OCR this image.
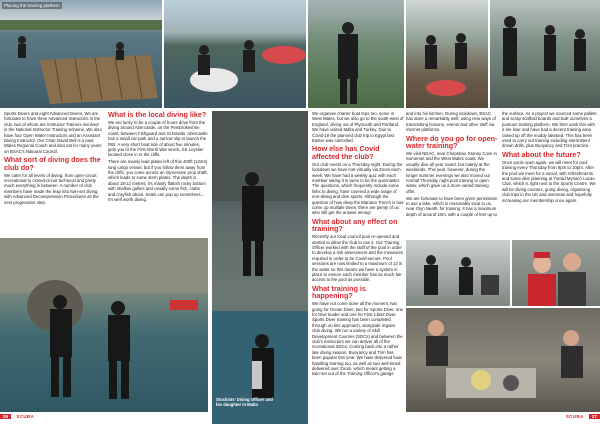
Placing the training platform

Sports Divers and eight Advanced Divers. We are fortunate to have three Advanced Instructors in the club, two of whom are Instructor Trainers involved in the National Instructor Training Scheme. We also have four Open Water Instructors and an Assistant Diving Instructor. Our Chair David Bell is a past Wales Regional Coach and also sat for many years on BSAC's National Council.

What sort of diving does the club do?

We cater for all levels of diving, from open-circuit recreational to closed-circuit technical and pretty much everything in between. A number of club members have made the leap into twin-set diving, with Advanced Decompression Procedures as the next progressive step.

What is the local diving like?

We are lucky to be a couple of hours drive from the diving around Abercastle, on the Pembrokeshire coast, between Fishguard and St Davids. Abercastle has a small car park and a narrow slip to launch the RIB. A very short boat ride of about five minutes, gets you to the First World War wreck, SS Leysian located close in to the cliffs.

There are mainly lead plates left of this 400ft (122m) long cargo vessel, but if you follow them away from the cliffs, you come across an impressive prop shaft, which leads to some stern plates. The depth is about 18-12 metres; it's mainly flattish rocky bottom with shallow gullies and usually some fish, crabs and crayfish about. Seals can pop up sometimes... it's well worth diving.

Stockists' Diving Officer and his daughter in Malta
26 SCUBA

We organise charter boat trips too, some in West Wales, but we also go to the south-west of England, diving out of Plymouth and Portland. We have visited Malta and Turkey. Due to Covid-19 the planned club trip to Egypt last Easter was cancelled.

How else has Covid affected the club?

Our club meets on a Thursday night. During the lockdown we have met virtually via Zoom each week. We have had a weekly quiz with each member taking it in turns to be the quizmaster. The questions, which frequently include some links to diving, have covered a wide range of non-diving and dive sports. Although the question of how deep the Mariana Trench is has come up multiple times, there are plenty of us who still get the answer wrong!

What about any effect on training?

Recently our local council pool re-opened and started to allow the club to use it. Our Training Officer worked with the staff of the pool in order to develop a risk assessment and the measures required in order to be Covid-secure. Pool sessions are now limited to a maximum of 12 in the water so this means we have a system in place to ensure each member has as much fair access to the pool as possible.

What training is happening?

We have not come done all the moment, two going for Ocean Diver, two for Sports Diver, one for Dive leader and one for First Class Diver. Sports Diver training has been completed through on-line approach, alongside regular club diving. We run a variety of Skill Development Courses (SDCs) and between the club's instructors we can deliver all of the recreational SDCs. Coming back into a rather late diving season, Buoyancy and Trim has been popular this year. We have delivered boat handling training too, as well as two well-timed delivered over Zoom, which meant getting a twin-set out of the Training Officer's garage

and into his kitchen. During lockdown, BSAC has done a remarkably well, using new ways of transmitting lessons, events and other stuff via internet platforms.

Where do you go for open-water training?

We visit NDAC, near Chepstow, Stoney Cove in Somerset and the West Wales coast. We usually dive all year round, but mainly at the weekends. This year, however, during the longer summer evenings we also moved our normal Thursday night pool training to open water, which gave us a more varied training offer.

We are fortunate to have been given permission to use a lake, which is reasonably local to us, near Glyn Neath, for training. It has a maximum depth of around 10m, with a couple of feet up to

the surface. As a project we sourced some pallets and scrap scaffold boards and built ourselves a pontoon training platform. We then sank this with a tire liner and have had a decent training area raised up off the muddy lakebed. This has been used to carry out training including intermittent drown drills, plus Buoyancy and Trim practice.

What about the future?

Once pools open again, we will meet for pool training every Thursday from 8pm to 10pm. After the pool we meet for a social, with refreshments and some dive planning at Ystrad Mynach Lucas Club, which is right next to the Sports Centre. We will be diving courses, going diving, organising club trips in the UK and overseas and hopefully increasing our membership once again.

SCUBA 27
